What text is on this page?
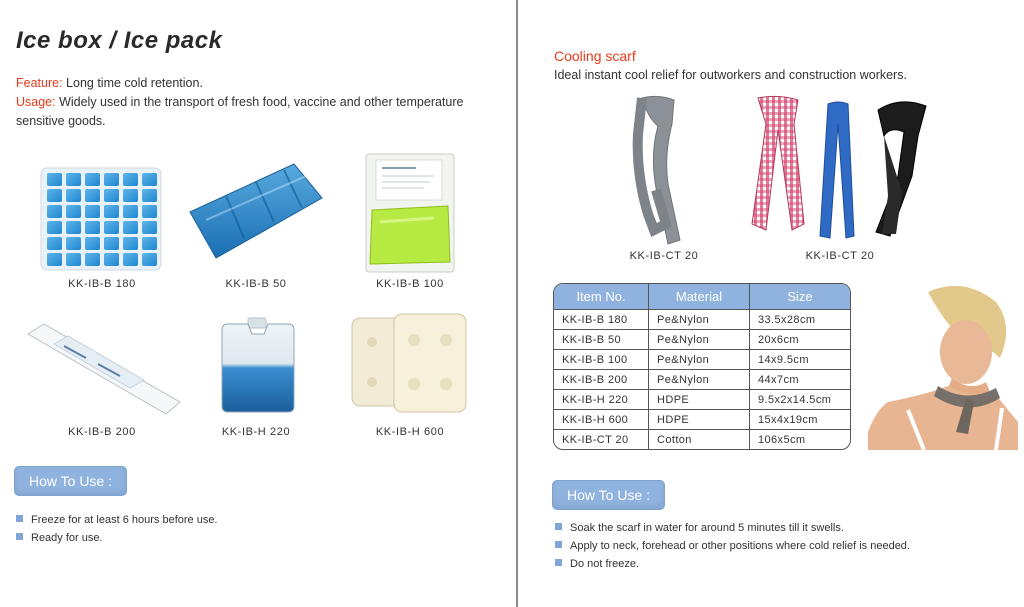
Ice box / Ice pack
Feature: Long time cold retention.
Usage: Widely used in the transport of fresh food, vaccine and other temperature sensitive goods.
KK-IB-B 180	KK-IB-B 50	KK-IB-B 100
KK-IB-B 200	KK-IB-H 220	KK-IB-H 600
How To Use :
Freeze for at least 6 hours before use.
Ready for use.
Cooling scarf
Ideal instant cool relief for outworkers and construction workers.
KK-IB-CT 20	KK-IB-CT 20
Item No.	Material	Size
KK-IB-B 180	Pe&Nylon	33.5x28cm
KK-IB-B 50	Pe&Nylon	20x6cm
KK-IB-B 100	Pe&Nylon	14x9.5cm
KK-IB-B 200	Pe&Nylon	44x7cm
KK-IB-H 220	HDPE	9.5x2x14.5cm
KK-IB-H 600	HDPE	15x4x19cm
KK-IB-CT 20	Cotton	106x5cm
How To Use :
Soak the scarf in water for around 5 minutes till it swells.
Apply to neck, forehead or other positions where cold relief is needed.
Do not freeze.
